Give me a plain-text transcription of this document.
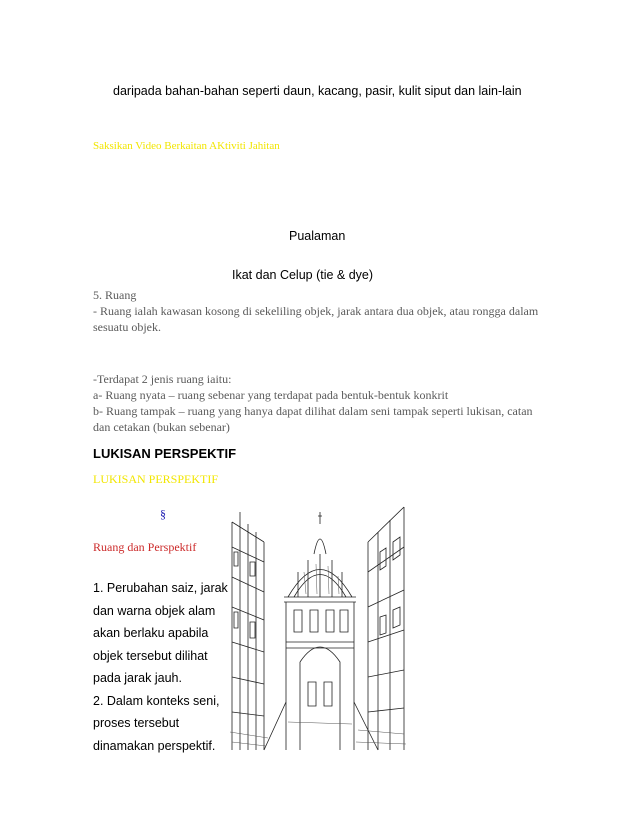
daripada bahan-bahan seperti daun, kacang, pasir, kulit siput dan lain-lain
Saksikan Video Berkaitan AKtiviti Jahitan
Pualaman
Ikat dan Celup (tie & dye)
5. Ruang
- Ruang ialah kawasan kosong di sekeliling objek, jarak antara dua objek, atau rongga dalam sesuatu objek.
-Terdapat 2 jenis ruang iaitu:
a- Ruang nyata – ruang sebenar yang terdapat pada bentuk-bentuk konkrit
b- Ruang tampak – ruang yang hanya dapat dilihat dalam seni tampak seperti lukisan, catan dan cetakan (bukan sebenar)
LUKISAN PERSPEKTIF
LUKISAN PERSPEKTIF
§
Ruang dan Perspektif
1. Perubahan saiz, jarak
dan warna objek alam
akan berlaku apabila
objek tersebut dilihat
pada jarak jauh.
2. Dalam konteks seni,
proses tersebut
dinamakan perspektif.
